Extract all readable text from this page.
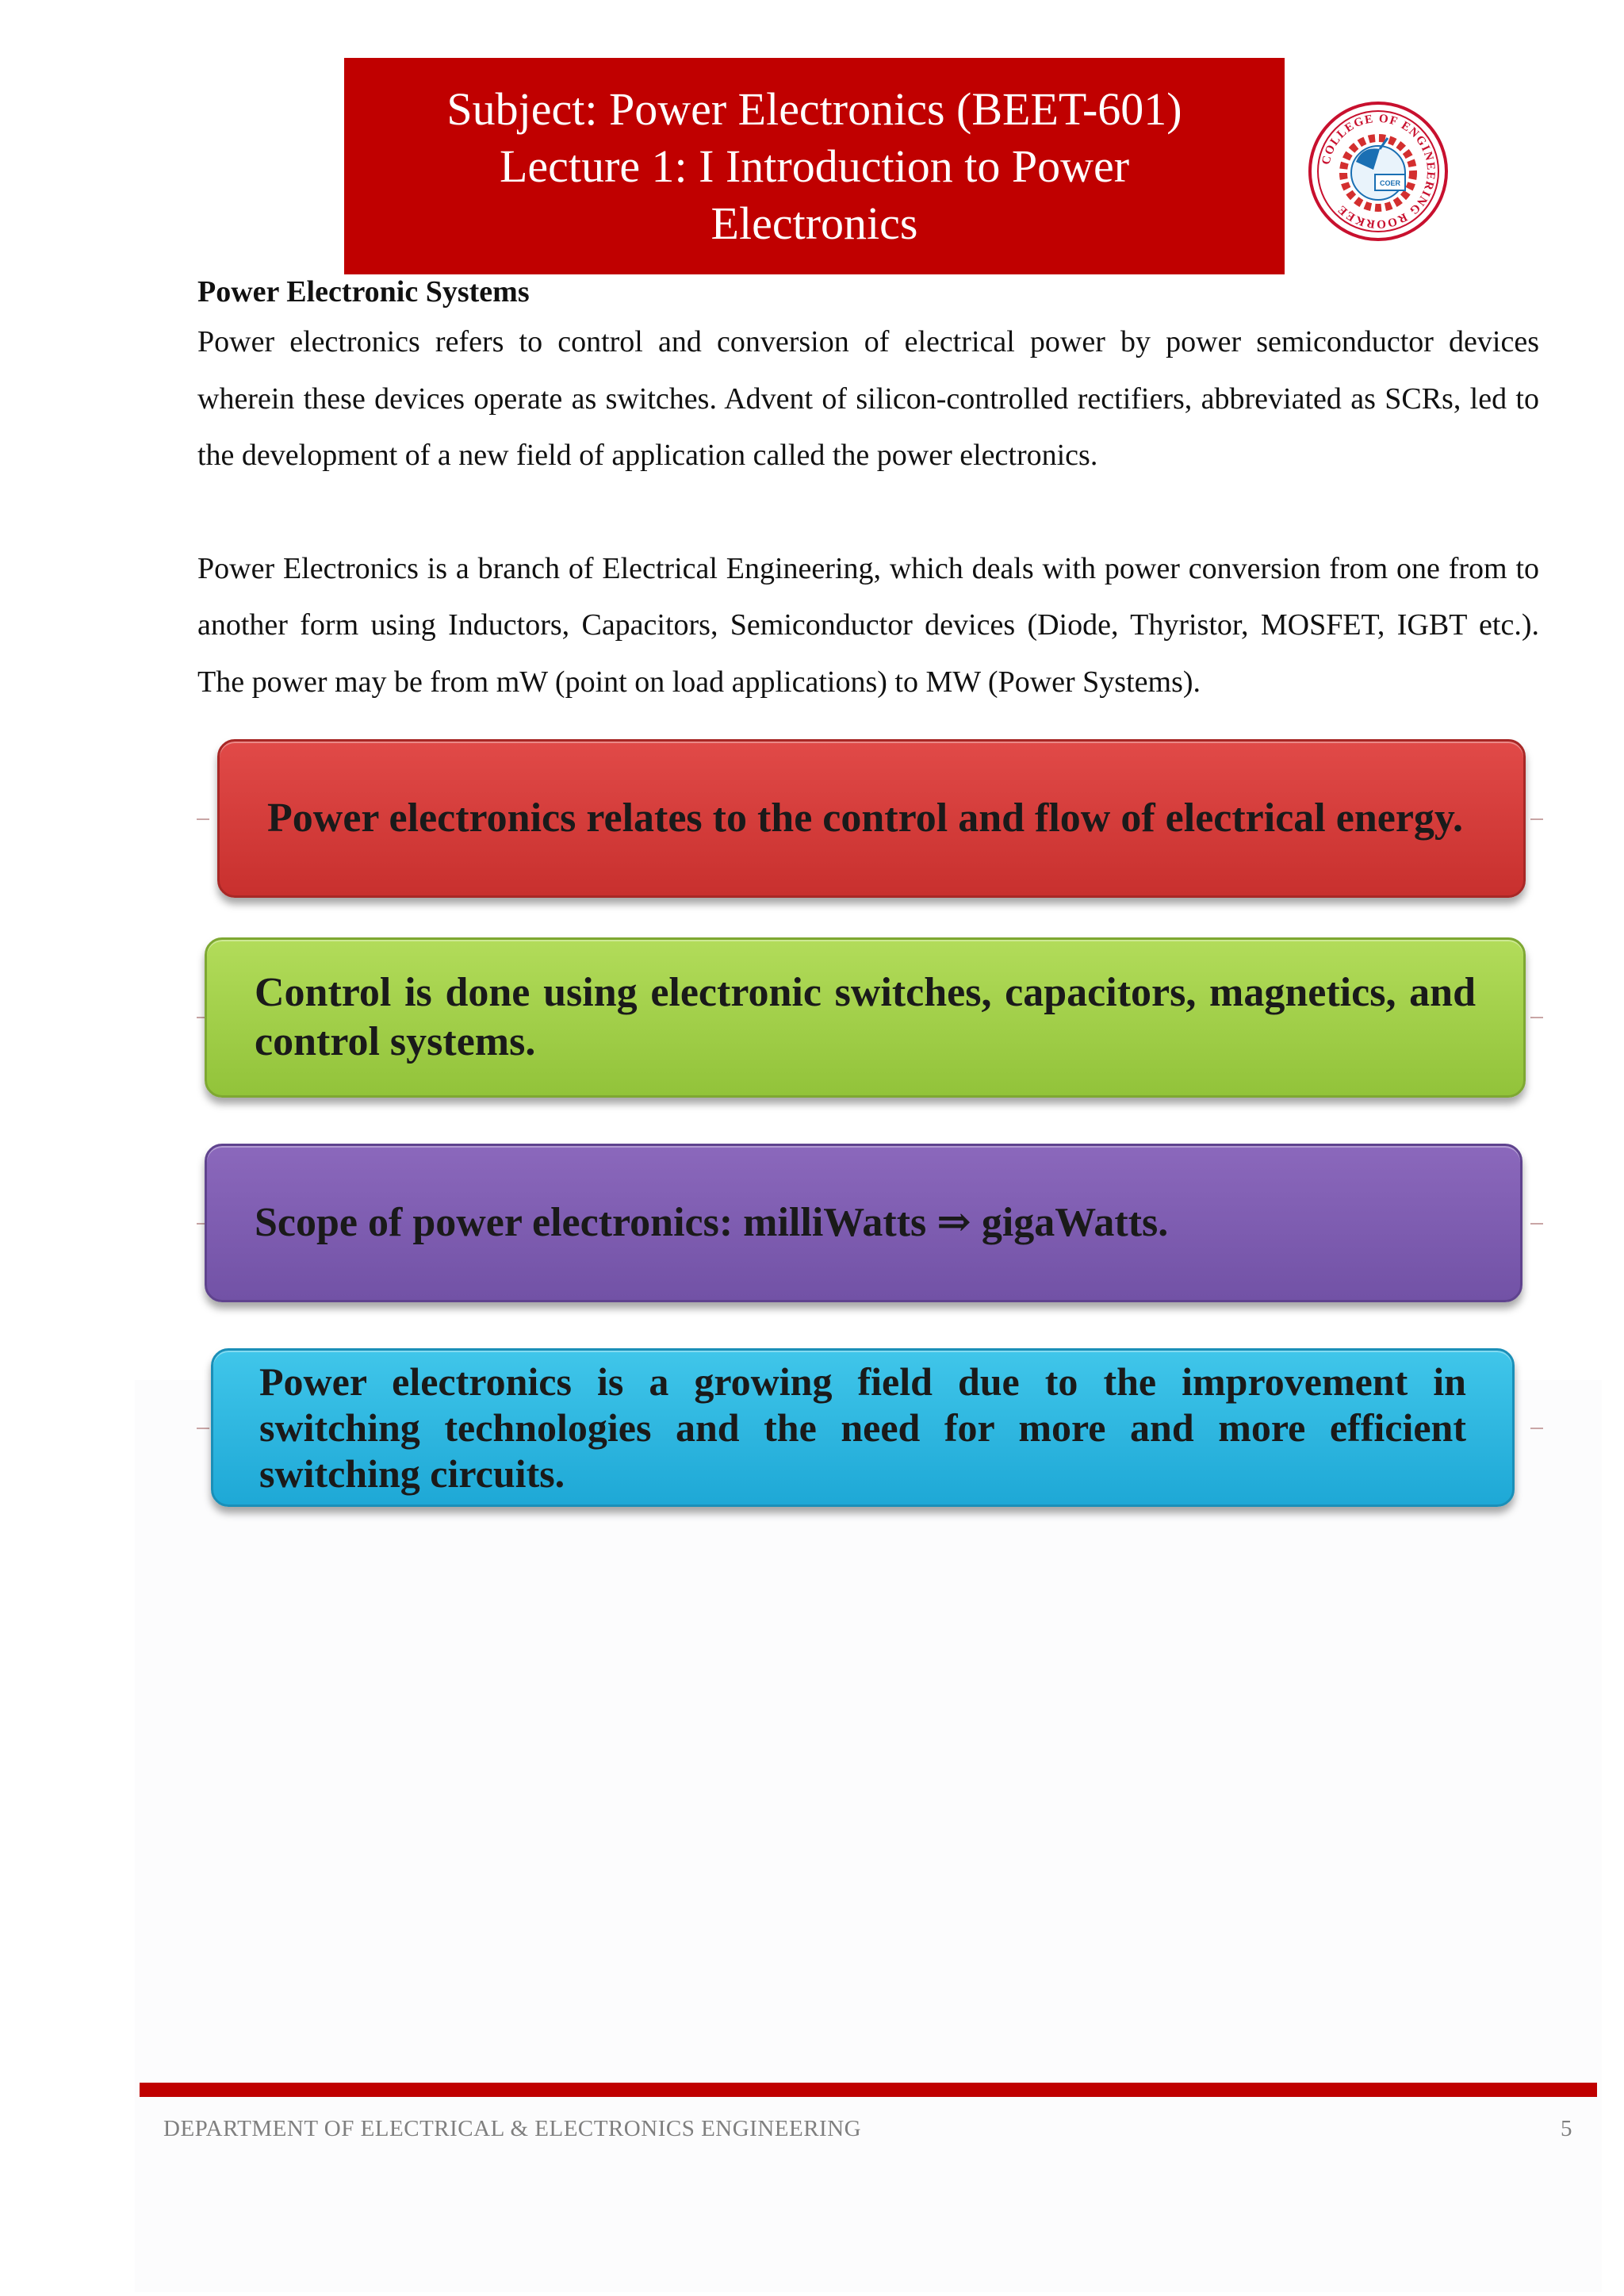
Subject: Power Electronics (BEET-601)
Lecture 1: I Introduction to Power
Electronics
COLLEGE OF ENGINEERING ROORKEE
COER
Power Electronic Systems

Power electronics refers to control and conversion of electrical power by power semiconductor devices wherein these devices operate as switches. Advent of silicon-controlled rectifiers, abbreviated as SCRs, led to the development of a new field of application called the power electronics.

Power Electronics is a branch of Electrical Engineering, which deals with power conversion from one from to another form using Inductors, Capacitors, Semiconductor devices (Diode, Thyristor, MOSFET, IGBT etc.). The power may be from mW (point on load applications) to MW (Power Systems).

Power electronics relates to the control and flow of electrical energy.
Control is done using electronic switches, capacitors, magnetics, and control systems.
Scope of power electronics: milliWatts ⇒ gigaWatts.
Power electronics is a growing field due to the improvement in switching technologies and the need for more and more efficient switching circuits.
DEPARTMENT OF ELECTRICAL & ELECTRONICS ENGINEERING	5
